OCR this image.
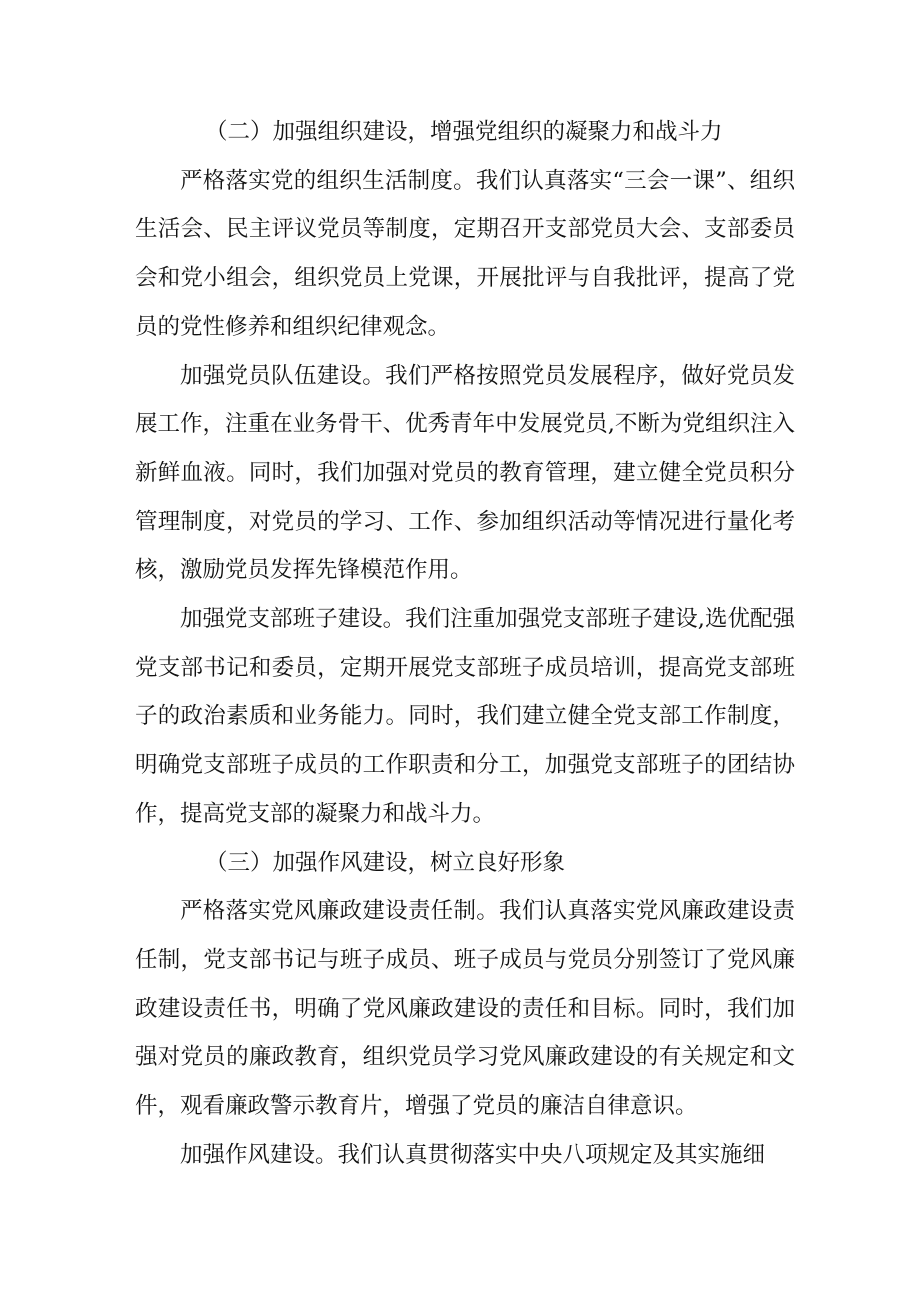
（二）加强组织建设，增强党组织的凝聚力和战斗力

严格落实党的组织生活制度。我们认真落实“三会一课”、组织生活会、民主评议党员等制度，定期召开支部党员大会、支部委员会和党小组会，组织党员上党课，开展批评与自我批评，提高了党员的党性修养和组织纪律观念。

加强党员队伍建设。我们严格按照党员发展程序，做好党员发展工作，注重在业务骨干、优秀青年中发展党员,不断为党组织注入新鲜血液。同时，我们加强对党员的教育管理，建立健全党员积分管理制度，对党员的学习、工作、参加组织活动等情况进行量化考核，激励党员发挥先锋模范作用。

加强党支部班子建设。我们注重加强党支部班子建设,选优配强党支部书记和委员，定期开展党支部班子成员培训，提高党支部班子的政治素质和业务能力。同时，我们建立健全党支部工作制度，明确党支部班子成员的工作职责和分工，加强党支部班子的团结协作，提高党支部的凝聚力和战斗力。

（三）加强作风建设，树立良好形象

严格落实党风廉政建设责任制。我们认真落实党风廉政建设责任制，党支部书记与班子成员、班子成员与党员分别签订了党风廉政建设责任书，明确了党风廉政建设的责任和目标。同时，我们加强对党员的廉政教育，组织党员学习党风廉政建设的有关规定和文件，观看廉政警示教育片，增强了党员的廉洁自律意识。

加强作风建设。我们认真贯彻落实中央八项规定及其实施细
